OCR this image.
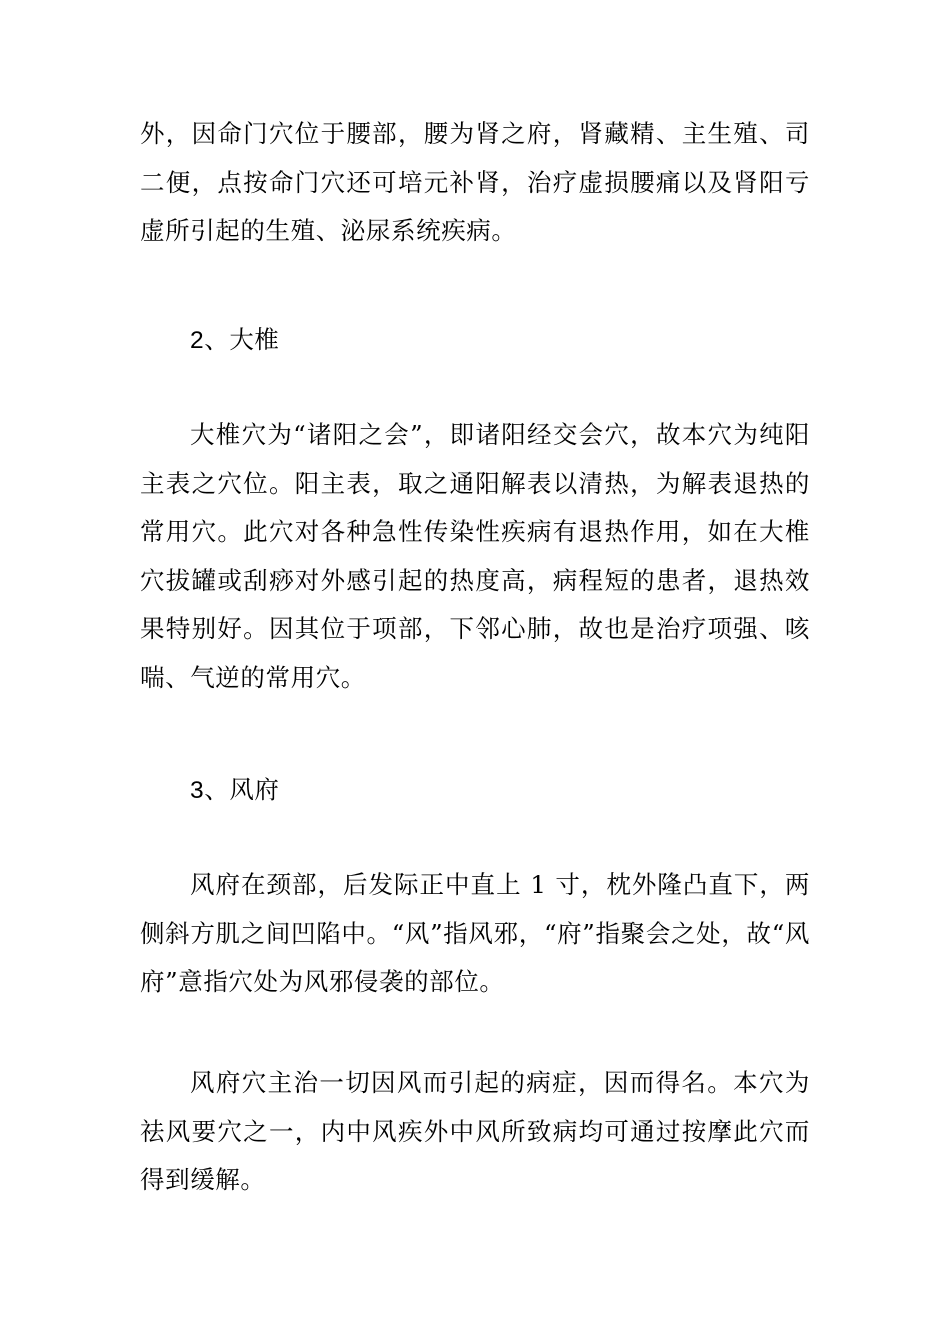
外，因命门穴位于腰部，腰为肾之府，肾藏精、主生殖、司二便，点按命门穴还可培元补肾，治疗虚损腰痛以及肾阳亏虚所引起的生殖、泌尿系统疾病。

2、大椎

大椎穴为“诸阳之会”，即诸阳经交会穴，故本穴为纯阳主表之穴位。阳主表，取之通阳解表以清热，为解表退热的常用穴。此穴对各种急性传染性疾病有退热作用，如在大椎穴拔罐或刮痧对外感引起的热度高，病程短的患者，退热效果特别好。因其位于项部，下邻心肺，故也是治疗项强、咳喘、气逆的常用穴。

3、风府

风府在颈部，后发际正中直上 1 寸，枕外隆凸直下，两侧斜方肌之间凹陷中。“风”指风邪，“府”指聚会之处，故“风府”意指穴处为风邪侵袭的部位。

风府穴主治一切因风而引起的病症，因而得名。本穴为祛风要穴之一，内中风疾外中风所致病均可通过按摩此穴而得到缓解。
